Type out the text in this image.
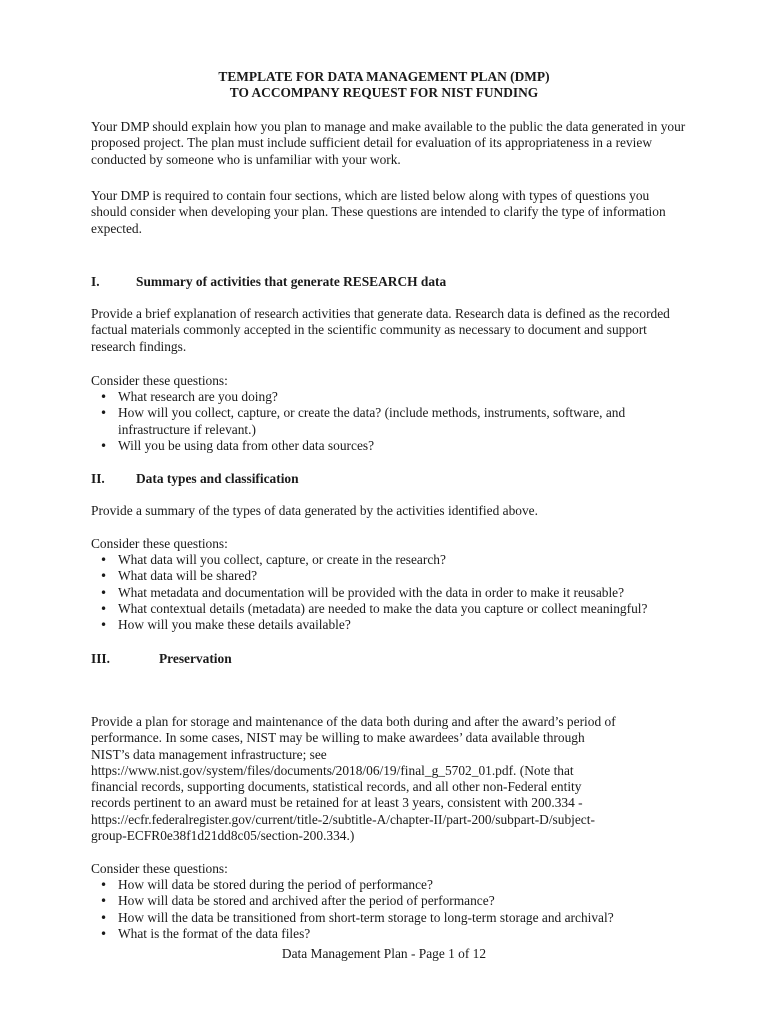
TEMPLATE FOR DATA MANAGEMENT PLAN (DMP)
TO ACCOMPANY REQUEST FOR NIST FUNDING

Your DMP should explain how you plan to manage and make available to the public the data generated in your proposed project. The plan must include sufficient detail for evaluation of its appropriateness in a review conducted by someone who is unfamiliar with your work.

Your DMP is required to contain four sections, which are listed below along with types of questions you should consider when developing your plan. These questions are intended to clarify the type of information expected.

I.	Summary of activities that generate RESEARCH data

Provide a brief explanation of research activities that generate data. Research data is defined as the recorded factual materials commonly accepted in the scientific community as necessary to document and support research findings.

Consider these questions:

• What research are you doing?
• How will you collect, capture, or create the data? (include methods, instruments, software, and infrastructure if relevant.)
• Will you be using data from other data sources?
II. Data types and classification

Provide a summary of the types of data generated by the activities identified above.

Consider these questions:

• What data will you collect, capture, or create in the research?
• What data will be shared?
• What metadata and documentation will be provided with the data in order to make it reusable?
• What contextual details (metadata) are needed to make the data you capture or collect meaningful?
• How will you make these details available?
III.	Preservation
Provide a plan for storage and maintenance of the data both during and after the award’s period of
performance. In some cases, NIST may be willing to make awardees’ data available through
NIST’s data management infrastructure; see
https://www.nist.gov/system/files/documents/2018/06/19/final_g_5702_01.pdf. (Note that
financial records, supporting documents, statistical records, and all other non-Federal entity
records pertinent to an award must be retained for at least 3 years, consistent with 200.334 -
https://ecfr.federalregister.gov/current/title-2/subtitle-A/chapter-II/part-200/subpart-D/subject-
group-ECFR0e38f1d21dd8c05/section-200.334.)

Consider these questions:

• How will data be stored during the period of performance?
• How will data be stored and archived after the period of performance?
• How will the data be transitioned from short-term storage to long-term storage and archival?
• What is the format of the data files?
Data Management Plan - Page 1 of 12
